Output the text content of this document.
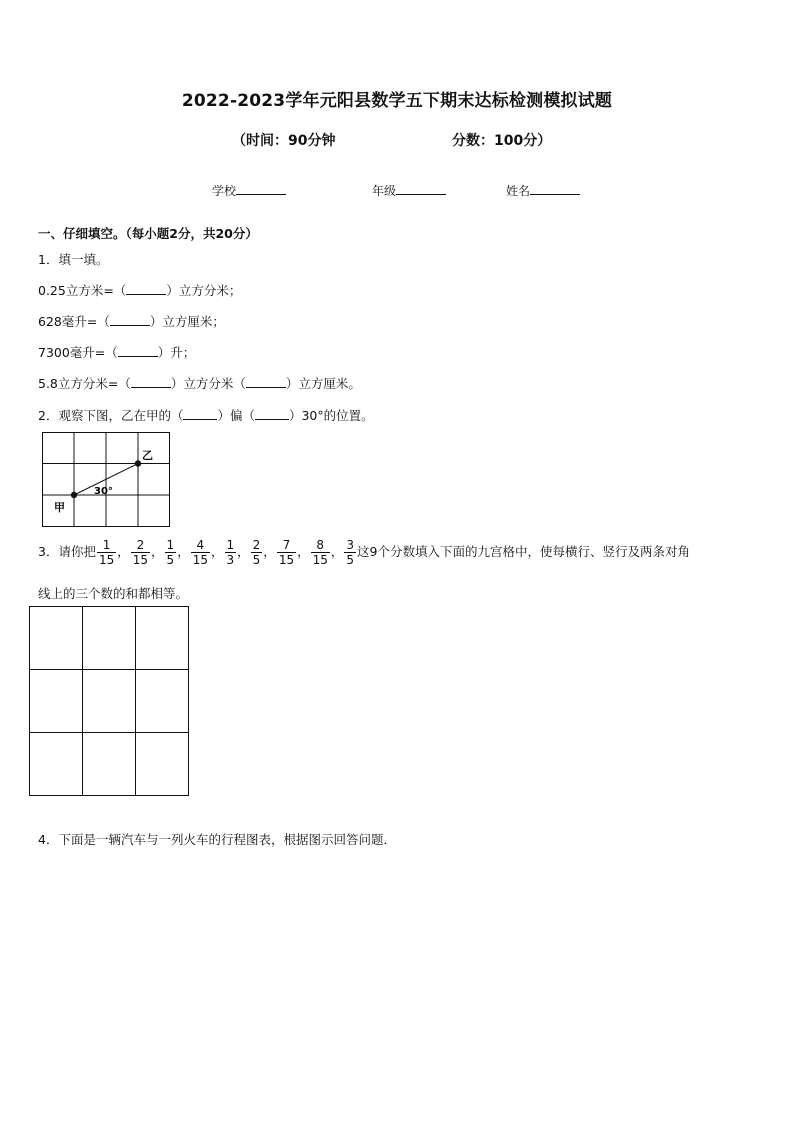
2022-2023学年元阳县数学五下期末达标检测模拟试题
（时间：90分钟	分数：100分）
学校	年级	姓名
一、仔细填空。（每小题2分，共20分）
1．填一填。
0.25立方米=（	）立方分米；
628毫升=（	）立方厘米；
7300毫升=（	）升；
5.8立方分米=（	）立方分米（	）立方厘米。
2．观察下图，乙在甲的（	）偏（	）30°的位置。
甲
乙
30°
3．请你把 $\frac{1}{15}$ ， $\frac{2}{15}$ ， $\frac{1}{5}$ ， $\frac{4}{15}$ ， $\frac{1}{3}$ ， $\frac{2}{5}$ ， $\frac{7}{15}$ ， $\frac{8}{15}$ ， $\frac{3}{5}$ 这9个分数填入下面的九宫格中，使每横行、竖行及两条对角
线上的三个数的和都相等。

4．下面是一辆汽车与一列火车的行程图表，根据图示回答问题．
